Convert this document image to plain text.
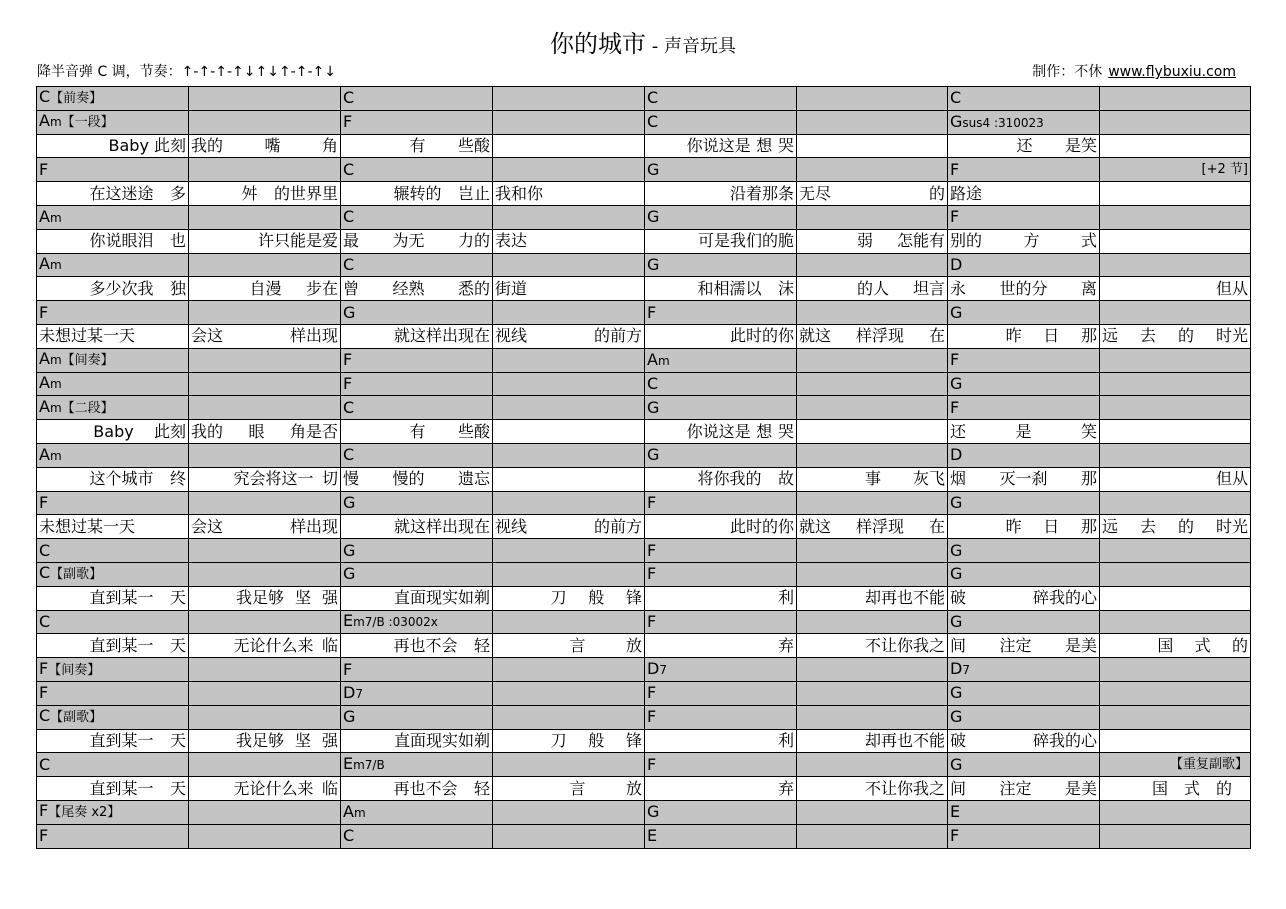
你的城市 - 声音玩具
降半音弹 C 调，节奏：↑-↑-↑-↑↓↑↓↑-↑-↑↓	制作：不休 www.flybuxiu.com
C【前奏】		C		C		C	
Am【一段】		F		C		Gsus4 :310023	

Baby 此刻	我的 嘴 角	有 些酸		你说这是 想 哭		还 是笑	

F		C		G		F	[+2 节]

在这迷途 多	舛 的世界里	辗转的 岂止	我和你	沿着那条	无尽 的	路途	

Am		C		G		F	

你说眼泪 也	许只能是爱	最 为无 力的	表达	可是我们的脆	弱 怎能有	别的 方 式	

Am		C		G		D	

多少次我 独	自漫 步在	曾 经熟 悉的	街道	和相濡以 沫	的人 坦言	永 世的分 离	但从

F		G		F		G	

未想过某一天	会这 样出现	就这样出现在	视线 的前方	此时的你	就这 样浮现 在	昨 日 那	远 去 的 时光

Am【间奏】		F		Am		F	
Am		F		C		G	
Am【二段】		C		G		F	

Baby 此刻	我的 眼 角是否	有 些酸		你说这是 想 哭		还 是 笑	

Am		C		G		D	

这个城市 终	究会将这一 切	慢 慢的 遗忘		将你我的 故	事 灰飞	烟 灭一刹 那	但从

F		G		F		G	

未想过某一天	会这 样出现	就这样出现在	视线 的前方	此时的你	就这 样浮现 在	昨 日 那	远 去 的 时光

C		G		F		G	
C【副歌】		G		F		G	

直到某一 天	我足够 坚 强	直面现实如剃	刀 般 锋	利	却再也不能	破 碎我的心	

C		Em7/B :03002x		F		G	

直到某一 天	无论什么来 临	再也不会 轻	言 放	弃	不让你我之	间 注定 是美	国 式 的

F【间奏】		F		D7		D7	
F		D7		F		G	
C【副歌】		G		F		G	

直到某一 天	我足够 坚 强	直面现实如剃	刀 般 锋	利	却再也不能	破 碎我的心	

C		Em7/B		F		G	【重复副歌】

直到某一 天	无论什么来 临	再也不会 轻	言 放	弃	不让你我之	间 注定 是美	国 式 的

F【尾奏 x2】		Am		G		E	
F		C		E		F	
